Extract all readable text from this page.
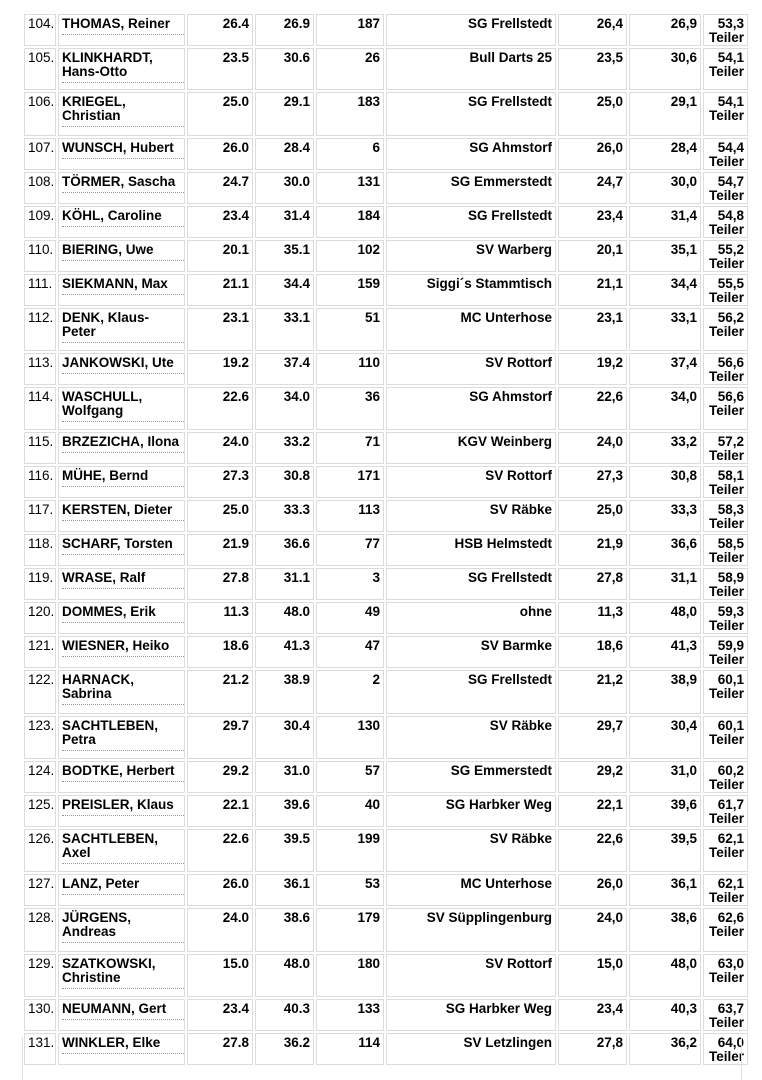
104.	THOMAS, Reiner	26.4	26.9	187	SG Frellstedt	26,4	26,9	53,3
Teiler

105.	KLINKHARDT, Hans-Otto	23.5	30.6	26	Bull Darts 25	23,5	30,6	54,1
Teiler

106.	KRIEGEL, Christian	25.0	29.1	183	SG Frellstedt	25,0	29,1	54,1
Teiler

107.	WUNSCH, Hubert	26.0	28.4	6	SG Ahmstorf	26,0	28,4	54,4
Teiler

108.	TÖRMER, Sascha	24.7	30.0	131	SG Emmerstedt	24,7	30,0	54,7
Teiler

109.	KÖHL, Caroline	23.4	31.4	184	SG Frellstedt	23,4	31,4	54,8
Teiler

110.	BIERING, Uwe	20.1	35.1	102	SV Warberg	20,1	35,1	55,2
Teiler

111.	SIEKMANN, Max	21.1	34.4	159	Siggi´s Stammtisch	21,1	34,4	55,5
Teiler

112.	DENK, Klaus-Peter	23.1	33.1	51	MC Unterhose	23,1	33,1	56,2
Teiler

113.	JANKOWSKI, Ute	19.2	37.4	110	SV Rottorf	19,2	37,4	56,6
Teiler

114.	WASCHULL, Wolfgang	22.6	34.0	36	SG Ahmstorf	22,6	34,0	56,6
Teiler

115.	BRZEZICHA, Ilona	24.0	33.2	71	KGV Weinberg	24,0	33,2	57,2
Teiler

116.	MÜHE, Bernd	27.3	30.8	171	SV Rottorf	27,3	30,8	58,1
Teiler

117.	KERSTEN, Dieter	25.0	33.3	113	SV Räbke	25,0	33,3	58,3
Teiler

118.	SCHARF, Torsten	21.9	36.6	77	HSB Helmstedt	21,9	36,6	58,5
Teiler

119.	WRASE, Ralf	27.8	31.1	3	SG Frellstedt	27,8	31,1	58,9
Teiler

120.	DOMMES, Erik	11.3	48.0	49	ohne	11,3	48,0	59,3
Teiler

121.	WIESNER, Heiko	18.6	41.3	47	SV Barmke	18,6	41,3	59,9
Teiler

122.	HARNACK, Sabrina	21.2	38.9	2	SG Frellstedt	21,2	38,9	60,1
Teiler

123.	SACHTLEBEN, Petra	29.7	30.4	130	SV Räbke	29,7	30,4	60,1
Teiler

124.	BODTKE, Herbert	29.2	31.0	57	SG Emmerstedt	29,2	31,0	60,2
Teiler

125.	PREISLER, Klaus	22.1	39.6	40	SG Harbker Weg	22,1	39,6	61,7
Teiler

126.	SACHTLEBEN, Axel	22.6	39.5	199	SV Räbke	22,6	39,5	62,1
Teiler

127.	LANZ, Peter	26.0	36.1	53	MC Unterhose	26,0	36,1	62,1
Teiler

128.	JÜRGENS, Andreas	24.0	38.6	179	SV Süpplingenburg	24,0	38,6	62,6
Teiler

129.	SZATKOWSKI, Christine	15.0	48.0	180	SV Rottorf	15,0	48,0	63,0
Teiler

130.	NEUMANN, Gert	23.4	40.3	133	SG Harbker Weg	23,4	40,3	63,7
Teiler

131.	WINKLER, Elke	27.8	36.2	114	SV Letzlingen	27,8	36,2	64,0
Teiler
